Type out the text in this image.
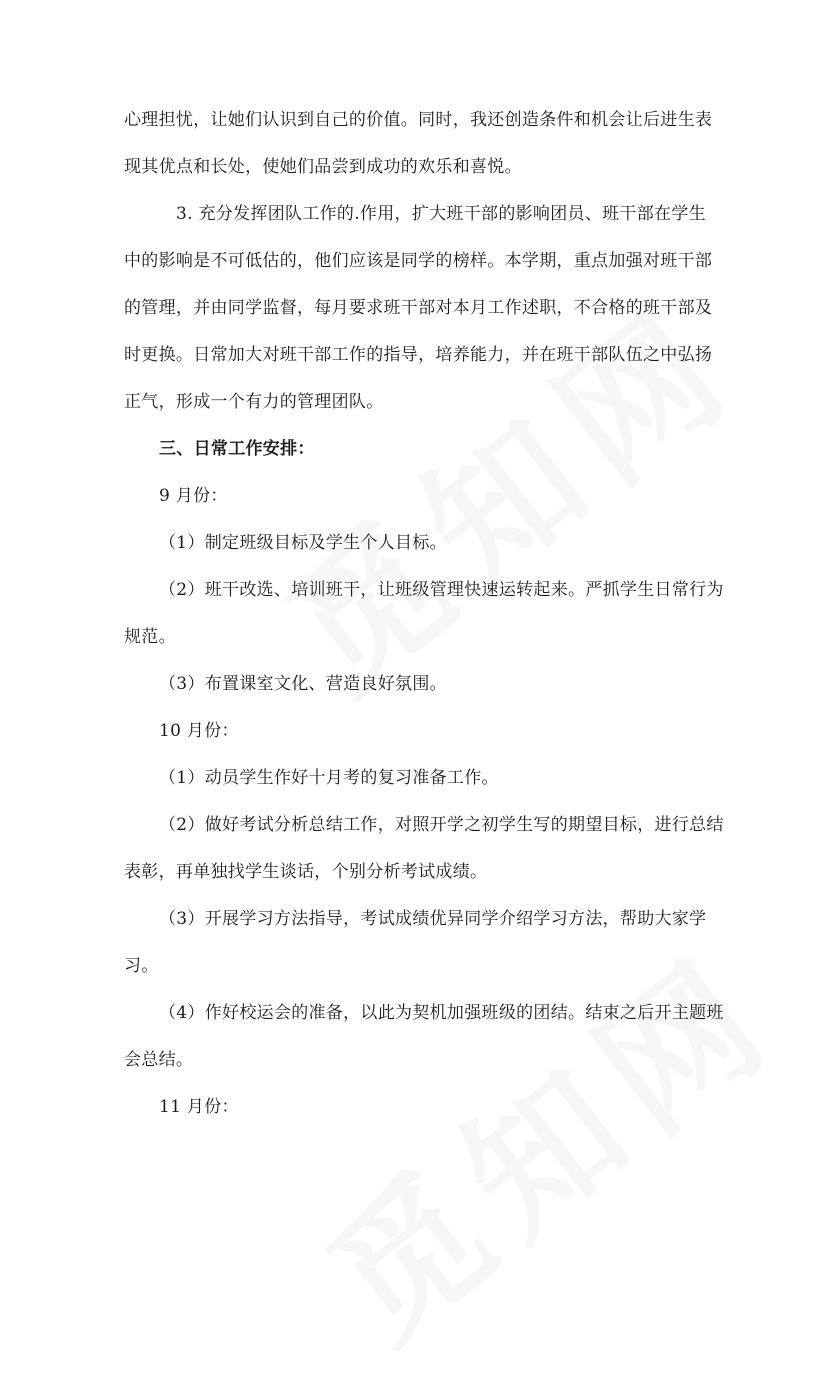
心理担忧，让她们认识到自己的价值。同时，我还创造条件和机会让后进生表
现其优点和长处，使她们品尝到成功的欢乐和喜悦。
3. 充分发挥团队工作的.作用，扩大班干部的影响团员、班干部在学生
中的影响是不可低估的，他们应该是同学的榜样。本学期，重点加强对班干部
的管理，并由同学监督，每月要求班干部对本月工作述职，不合格的班干部及
时更换。日常加大对班干部工作的指导，培养能力，并在班干部队伍之中弘扬
正气，形成一个有力的管理团队。
三、日常工作安排：
9 月份：
（1）制定班级目标及学生个人目标。
（2）班干改选、培训班干，让班级管理快速运转起来。严抓学生日常行为
规范。
（3）布置课室文化、营造良好氛围。
10 月份：
（1）动员学生作好十月考的复习准备工作。
（2）做好考试分析总结工作，对照开学之初学生写的期望目标，进行总结
表彰，再单独找学生谈话，个别分析考试成绩。
（3）开展学习方法指导，考试成绩优异同学介绍学习方法，帮助大家学
习。
（4）作好校运会的准备，以此为契机加强班级的团结。结束之后开主题班
会总结。
11 月份：
